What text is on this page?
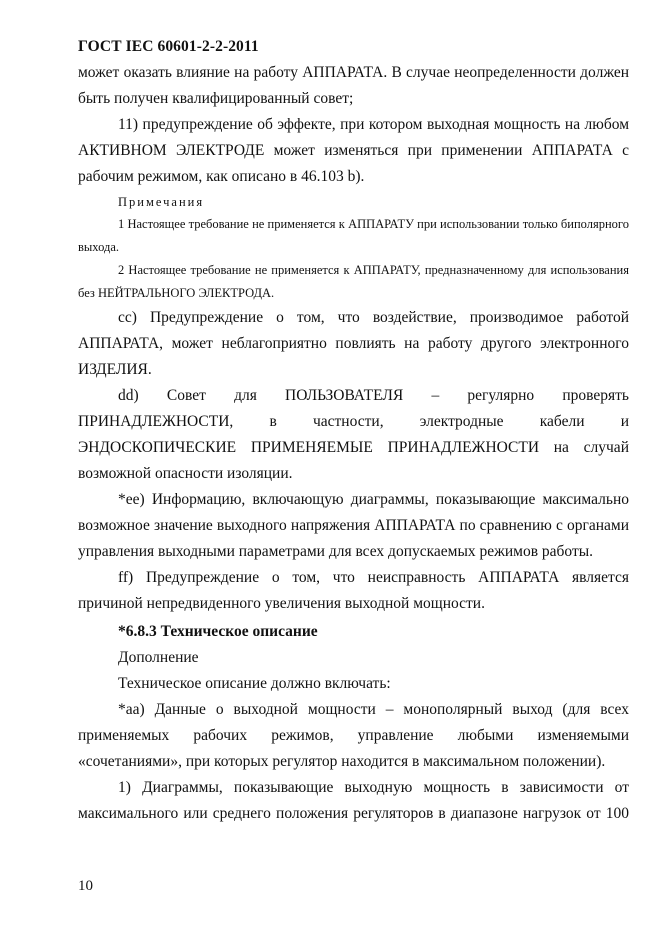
ГОСТ IEC 60601-2-2-2011

может оказать влияние на работу АППАРАТА. В случае неопределенности должен быть получен квалифицированный совет;

11) предупреждение об эффекте, при котором выходная мощность на любом АКТИВНОМ ЭЛЕКТРОДЕ может изменяться при применении АППАРАТА с рабочим режимом, как описано в 46.103 b).

Примечания

1 Настоящее требование не применяется к АППАРАТУ при использовании только биполярного выхода.

2 Настоящее требование не применяется к АППАРАТУ, предназначенному для использования без НЕЙТРАЛЬНОГО ЭЛЕКТРОДА.

cc) Предупреждение о том, что воздействие, производимое работой АППАРАТА, может неблагоприятно повлиять на работу другого электронного ИЗДЕЛИЯ.

dd) Совет для ПОЛЬЗОВАТЕЛЯ – регулярно проверять ПРИНАДЛЕЖНОСТИ, в частности, электродные кабели и ЭНДОСКОПИЧЕСКИЕ ПРИМЕНЯЕМЫЕ ПРИНАДЛЕЖНОСТИ на случай возможной опасности изоляции.

*ee) Информацию, включающую диаграммы, показывающие максимально возможное значение выходного напряжения АППАРАТА по сравнению с органами управления выходными параметрами для всех допускаемых режимов работы.

ff) Предупреждение о том, что неисправность АППАРАТА является причиной непредвиденного увеличения выходной мощности.

*6.8.3 Техническое описание

Дополнение

Техническое описание должно включать:

*aa) Данные о выходной мощности – монополярный выход (для всех применяемых рабочих режимов, управление любыми изменяемыми «сочетаниями», при которых регулятор находится в максимальном положении).

1) Диаграммы, показывающие выходную мощность в зависимости от максимального или среднего положения регуляторов в диапазоне нагрузок от 100

10
